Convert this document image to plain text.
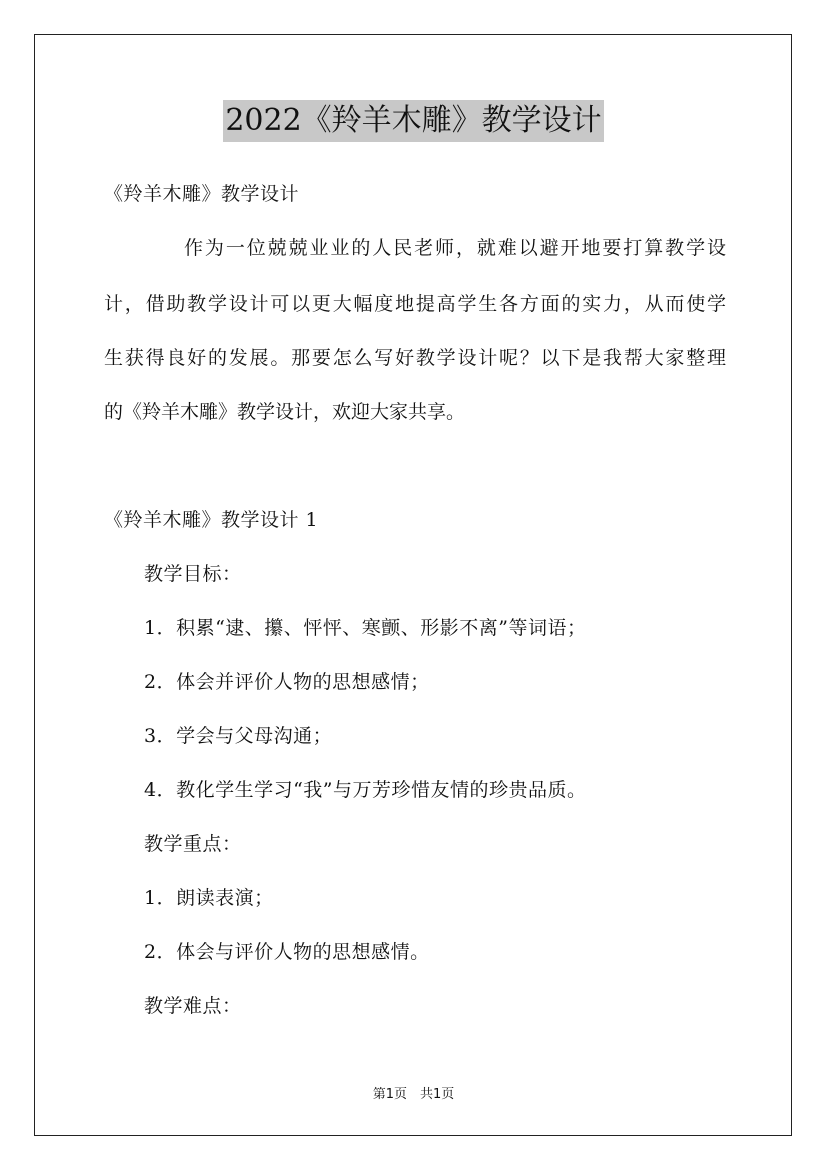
2022《羚羊木雕》教学设计
《羚羊木雕》教学设计
作为一位兢兢业业的人民老师，就难以避开地要打算教学设
计，借助教学设计可以更大幅度地提高学生各方面的实力，从而使学
生获得良好的发展。那要怎么写好教学设计呢？以下是我帮大家整理
的《羚羊木雕》教学设计，欢迎大家共享。
《羚羊木雕》教学设计 1
教学目标：
1．积累“逮、攥、怦怦、寒颤、形影不离”等词语；
2．体会并评价人物的思想感情；
3．学会与父母沟通；
4．教化学生学习“我”与万芳珍惜友情的珍贵品质。
教学重点：
1．朗读表演；
2．体会与评价人物的思想感情。
教学难点：
第1页　共1页
